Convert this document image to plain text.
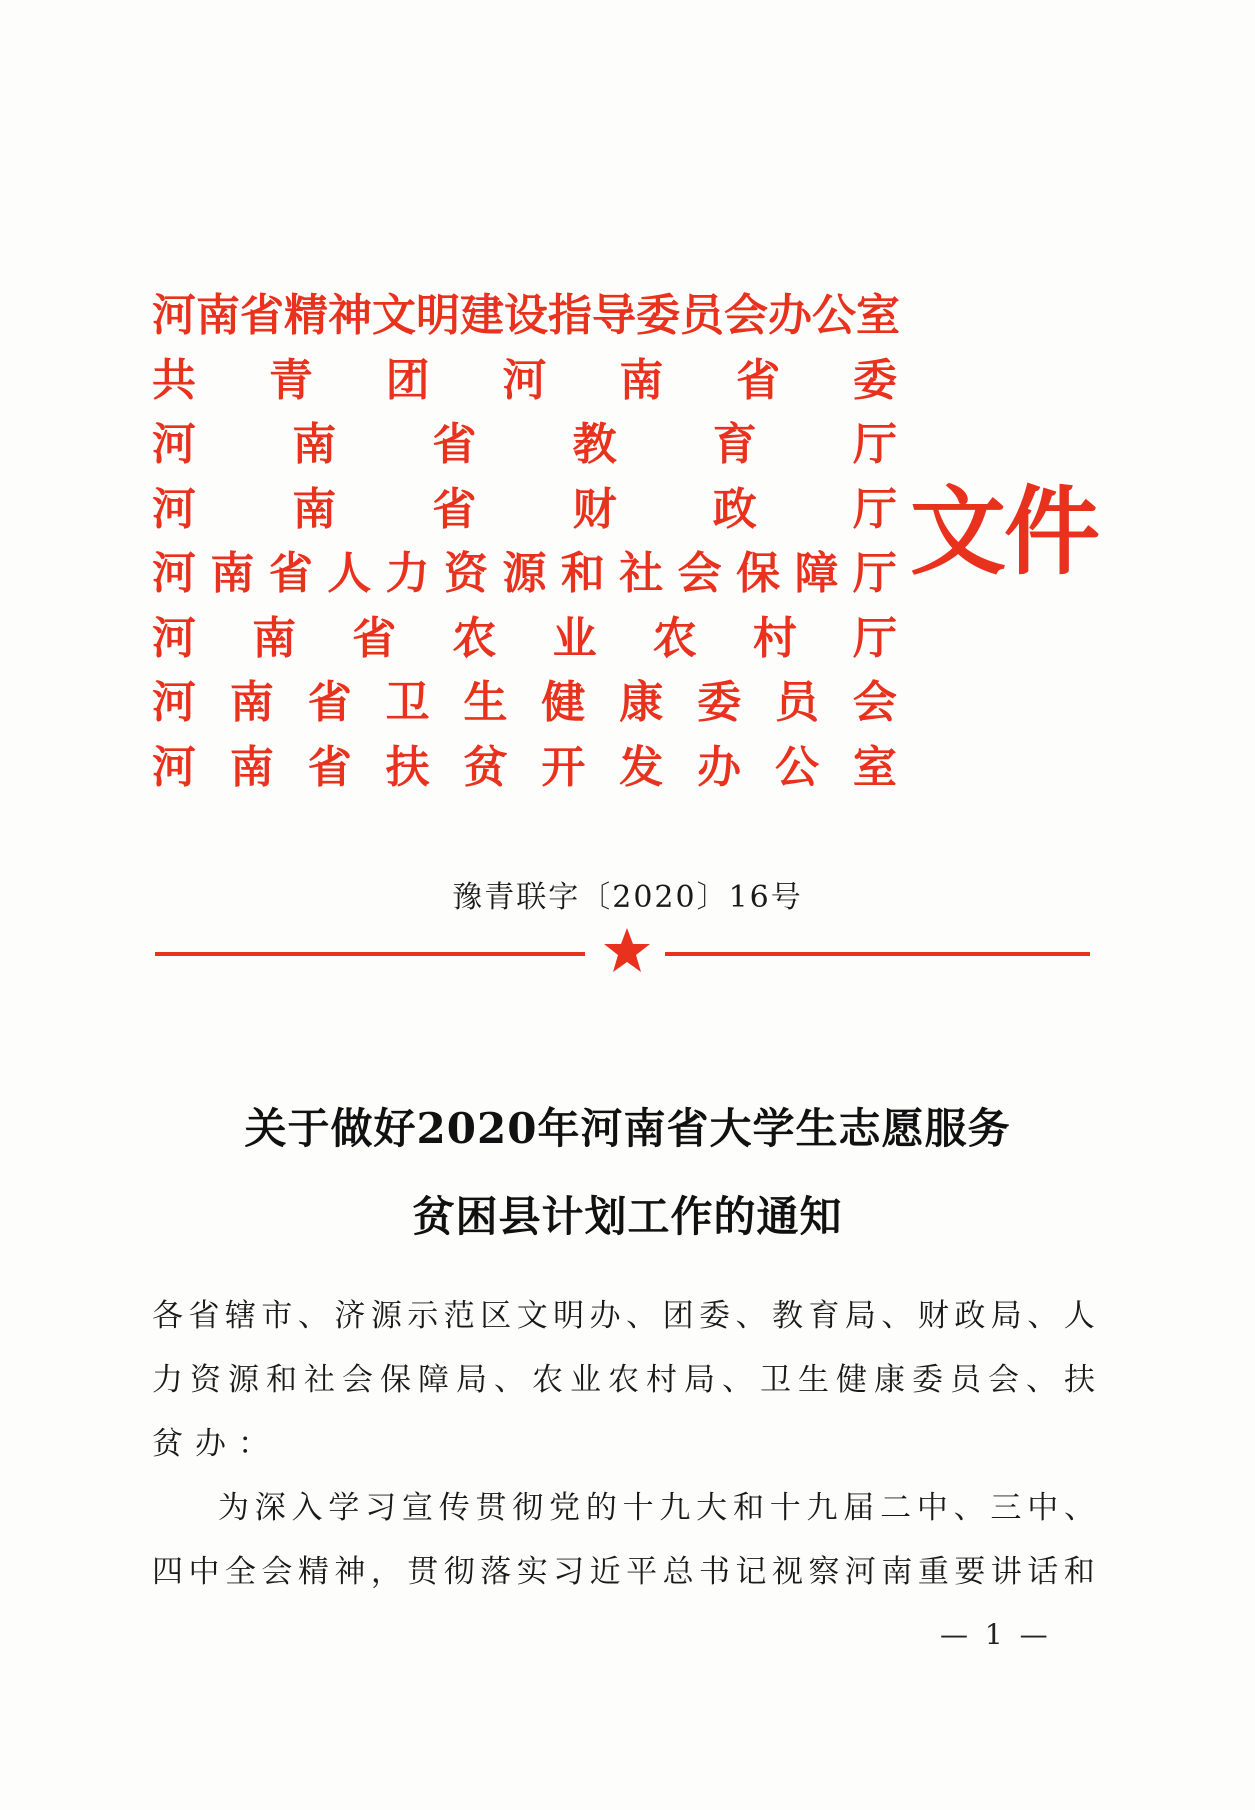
河 南 省 精 神 文 明 建 设 指 导 委 员 会 办 公 室
共 青 团 河 南 省 委
河 南 省 教 育 厅
河 南 省 财 政 厅
河 南 省 人 力 资 源 和 社 会 保 障 厅
河 南 省 农 业 农 村 厅
河 南 省 卫 生 健 康 委 员 会
河 南 省 扶 贫 开 发 办 公 室
文件
豫青联字〔2020〕16号
关于做好2020年河南省大学生志愿服务
贫困县计划工作的通知
各 省 辖 市 、 济 源 示 范 区 文 明 办 、 团 委 、 教 育 局 、 财 政 局 、 人
力 资 源 和 社 会 保 障 局 、 农 业 农 村 局 、 卫 生 健 康 委 员 会 、 扶
贫办：
为 深 入 学 习 宣 传 贯 彻 党 的 十 九 大 和 十 九 届 二 中 、 三 中 、
四 中 全 会 精 神 ， 贯 彻 落 实 习 近 平 总 书 记 视 察 河 南 重 要 讲 话 和
— 1 —
